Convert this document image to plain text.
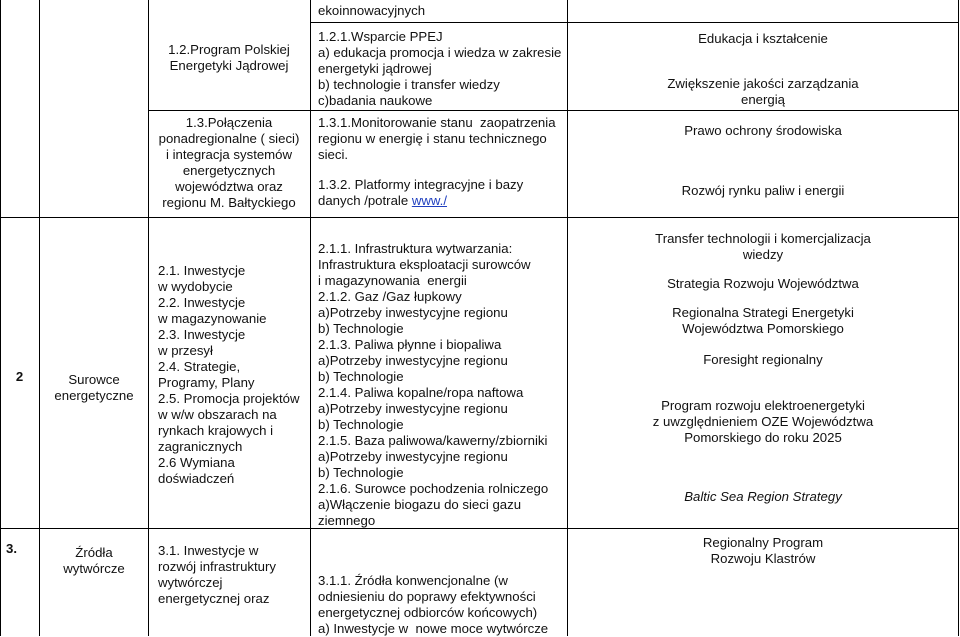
ekoinnowacyjnych
1.2.Program Polskiej
Energetyki Jądrowej
1.2.1.Wsparcie PPEJ
a) edukacja promocja i wiedza w zakresie
energetyki jądrowej
b) technologie i transfer wiedzy
c)badania naukowe
Edukacja i kształcenie
Zwiększenie jakości zarządzania
energią
1.3.Połączenia
ponadregionalne ( sieci)
i integracja systemów
energetycznych
województwa oraz
regionu M. Bałtyckiego
1.3.1.Monitorowanie stanu  zaopatrzenia
regionu w energię i stanu technicznego
sieci.
1.3.2. Platformy integracyjne i bazy
danych /potrale www./
Prawo ochrony środowiska
Rozwój rynku paliw i energii
2	Surowce
energetyczne
2.1. Inwestycje
w wydobycie
2.2. Inwestycje
w magazynowanie
2.3. Inwestycje
w przesył
2.4. Strategie,
Programy, Plany
2.5. Promocja projektów
w w/w obszarach na
rynkach krajowych i
zagranicznych
2.6 Wymiana
doświadczeń
2.1.1. Infrastruktura wytwarzania:
Infrastruktura eksploatacji surowców
i magazynowania  energii
2.1.2. Gaz /Gaz łupkowy
a)Potrzeby inwestycyjne regionu
b) Technologie
2.1.3. Paliwa płynne i biopaliwa
a)Potrzeby inwestycyjne regionu
b) Technologie
2.1.4. Paliwa kopalne/ropa naftowa
a)Potrzeby inwestycyjne regionu
b) Technologie
2.1.5. Baza paliwowa/kawerny/zbiorniki
a)Potrzeby inwestycyjne regionu
b) Technologie
2.1.6. Surowce pochodzenia rolniczego
a)Włączenie biogazu do sieci gazu
ziemnego
Transfer technologii i komercjalizacja
wiedzy
Strategia Rozwoju Województwa
Regionalna Strategi Energetyki
Województwa Pomorskiego
Foresight regionalny
Program rozwoju elektroenergetyki
z uwzględnieniem OZE Województwa
Pomorskiego do roku 2025
Baltic Sea Region Strategy
3.	Źródła
wytwórcze
3.1. Inwestycje w
rozwój infrastruktury
wytwórczej
energetycznej oraz
3.1.1. Źródła konwencjonalne (w
odniesieniu do poprawy efektywności
energetycznej odbiorców końcowych)
a) Inwestycje w  nowe moce wytwórcze
Regionalny Program
Rozwoju Klastrów
